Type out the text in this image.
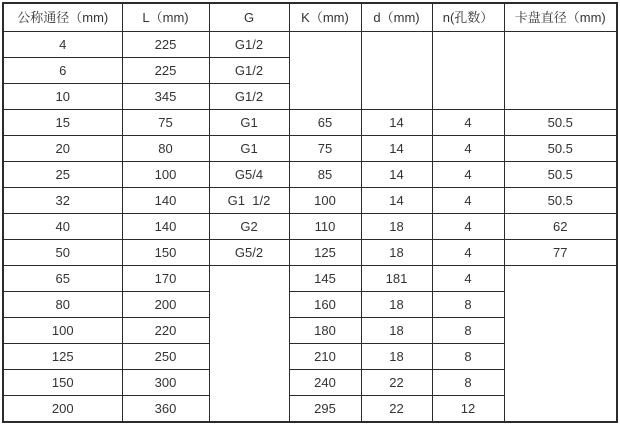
公称通径（mm)	L（mm)	G	K（mm)	d（mm)	n(孔数）	卡盘直径（mm)
4	225	G1/2				
6	225	G1/2				
10	345	G1/2				
15	75	G1	65	14	4	50.5
20	80	G1	75	14	4	50.5
25	100	G5/4	85	14	4	50.5
32	140	G1  1/2	100	14	4	50.5
40	140	G2	110	18	4	62
50	150	G5/2	125	18	4	77
65	170		145	181	4	
80	200		160	18	8	
100	220		180	18	8	
125	250		210	18	8	
150	300		240	22	8	
200	360		295	22	12	
